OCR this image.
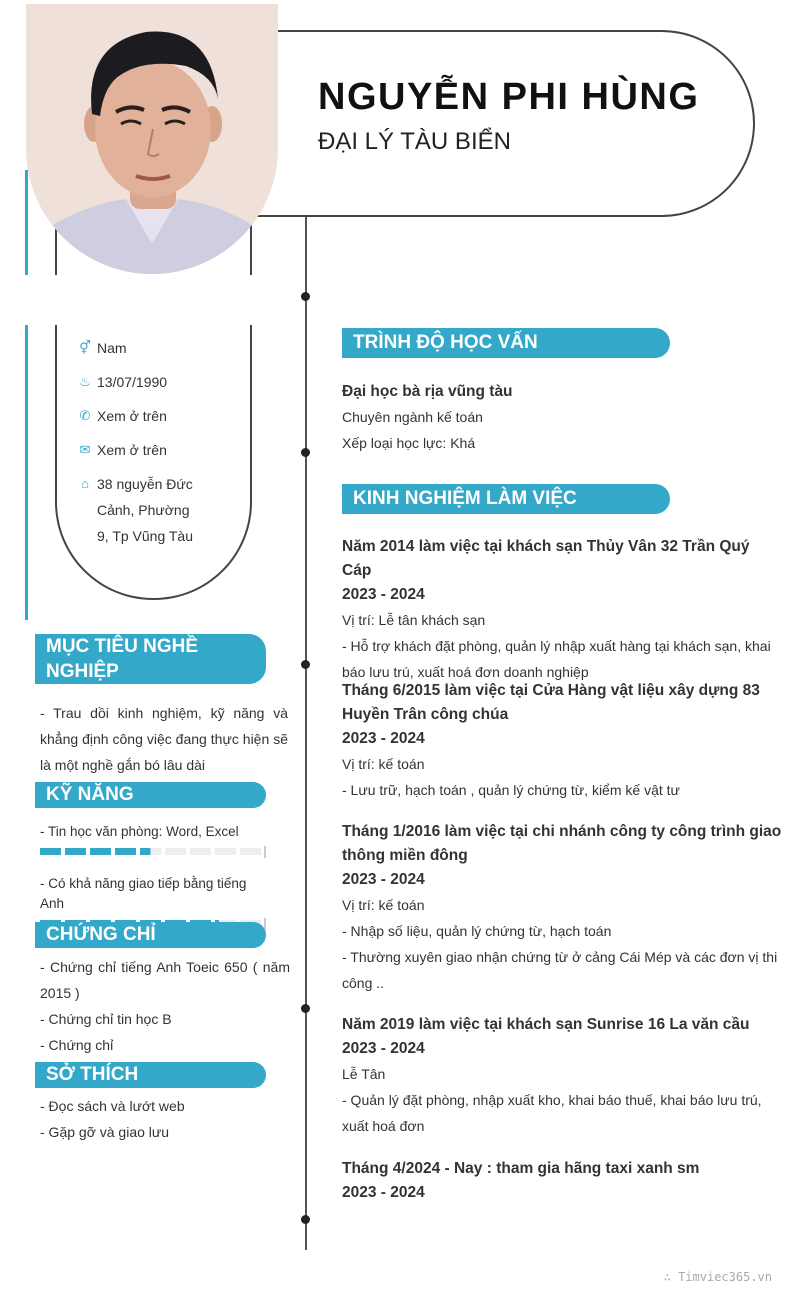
NGUYỄN PHI HÙNG
ĐẠI LÝ TÀU BIỂN
⚥ Nam
♨ 13/07/1990
✆ Xem ở trên
✉ Xem ở trên
⌂ 38 nguyễn Đức Cảnh, Phường 9, Tp Vũng Tàu
MỤC TIÊU NGHỀ NGHIỆP
- Trau dồi kinh nghiệm, kỹ năng và khẳng định công việc đang thực hiện sẽ là một nghề gắn bó lâu dài
KỸ NĂNG
- Tin học văn phòng: Word, Excel
- Có khả năng giao tiếp bằng tiếng Anh
CHỨNG CHỈ
- Chứng chỉ tiếng Anh Toeic 650 ( năm 2015 )
- Chứng chỉ tin học B
- Chứng chỉ
SỞ THÍCH
- Đọc sách và lướt web
- Gặp gỡ và giao lưu
TRÌNH ĐỘ HỌC VẤN
Đại học bà rịa vũng tàu
Chuyên ngành kế toán
Xếp loại học lực: Khá
KINH NGHIỆM LÀM VIỆC
Năm 2014 làm việc tại khách sạn Thủy Vân 32 Trần Quý Cáp
2023 - 2024
Vị trí: Lễ tân khách sạn
- Hỗ trợ khách đặt phòng, quản lý nhập xuất hàng tại khách sạn, khai báo lưu trú, xuất hoá đơn doanh nghiệp
Tháng 6/2015 làm việc tại Cửa Hàng vật liệu xây dựng 83 Huyền Trân công chúa
2023 - 2024
Vị trí: kế toán
- Lưu trữ, hạch toán , quản lý chứng từ, kiểm kế vật tư
Tháng 1/2016 làm việc tại chi nhánh công ty công trình giao thông miền đông
2023 - 2024
Vị trí: kế toán
- Nhập số liệu, quản lý chứng từ, hạch toán
- Thường xuyên giao nhận chứng từ ở cảng Cái Mép và các đơn vị thi công ..
Năm 2019 làm việc tại khách sạn Sunrise 16 La văn cầu
2023 - 2024
Lễ Tân
- Quản lý đặt phòng, nhập xuất kho, khai báo thuế, khai báo lưu trú, xuất hoá đơn
Tháng 4/2024 - Nay : tham gia hãng taxi xanh sm
2023 - 2024
∴ Timviec365.vn
